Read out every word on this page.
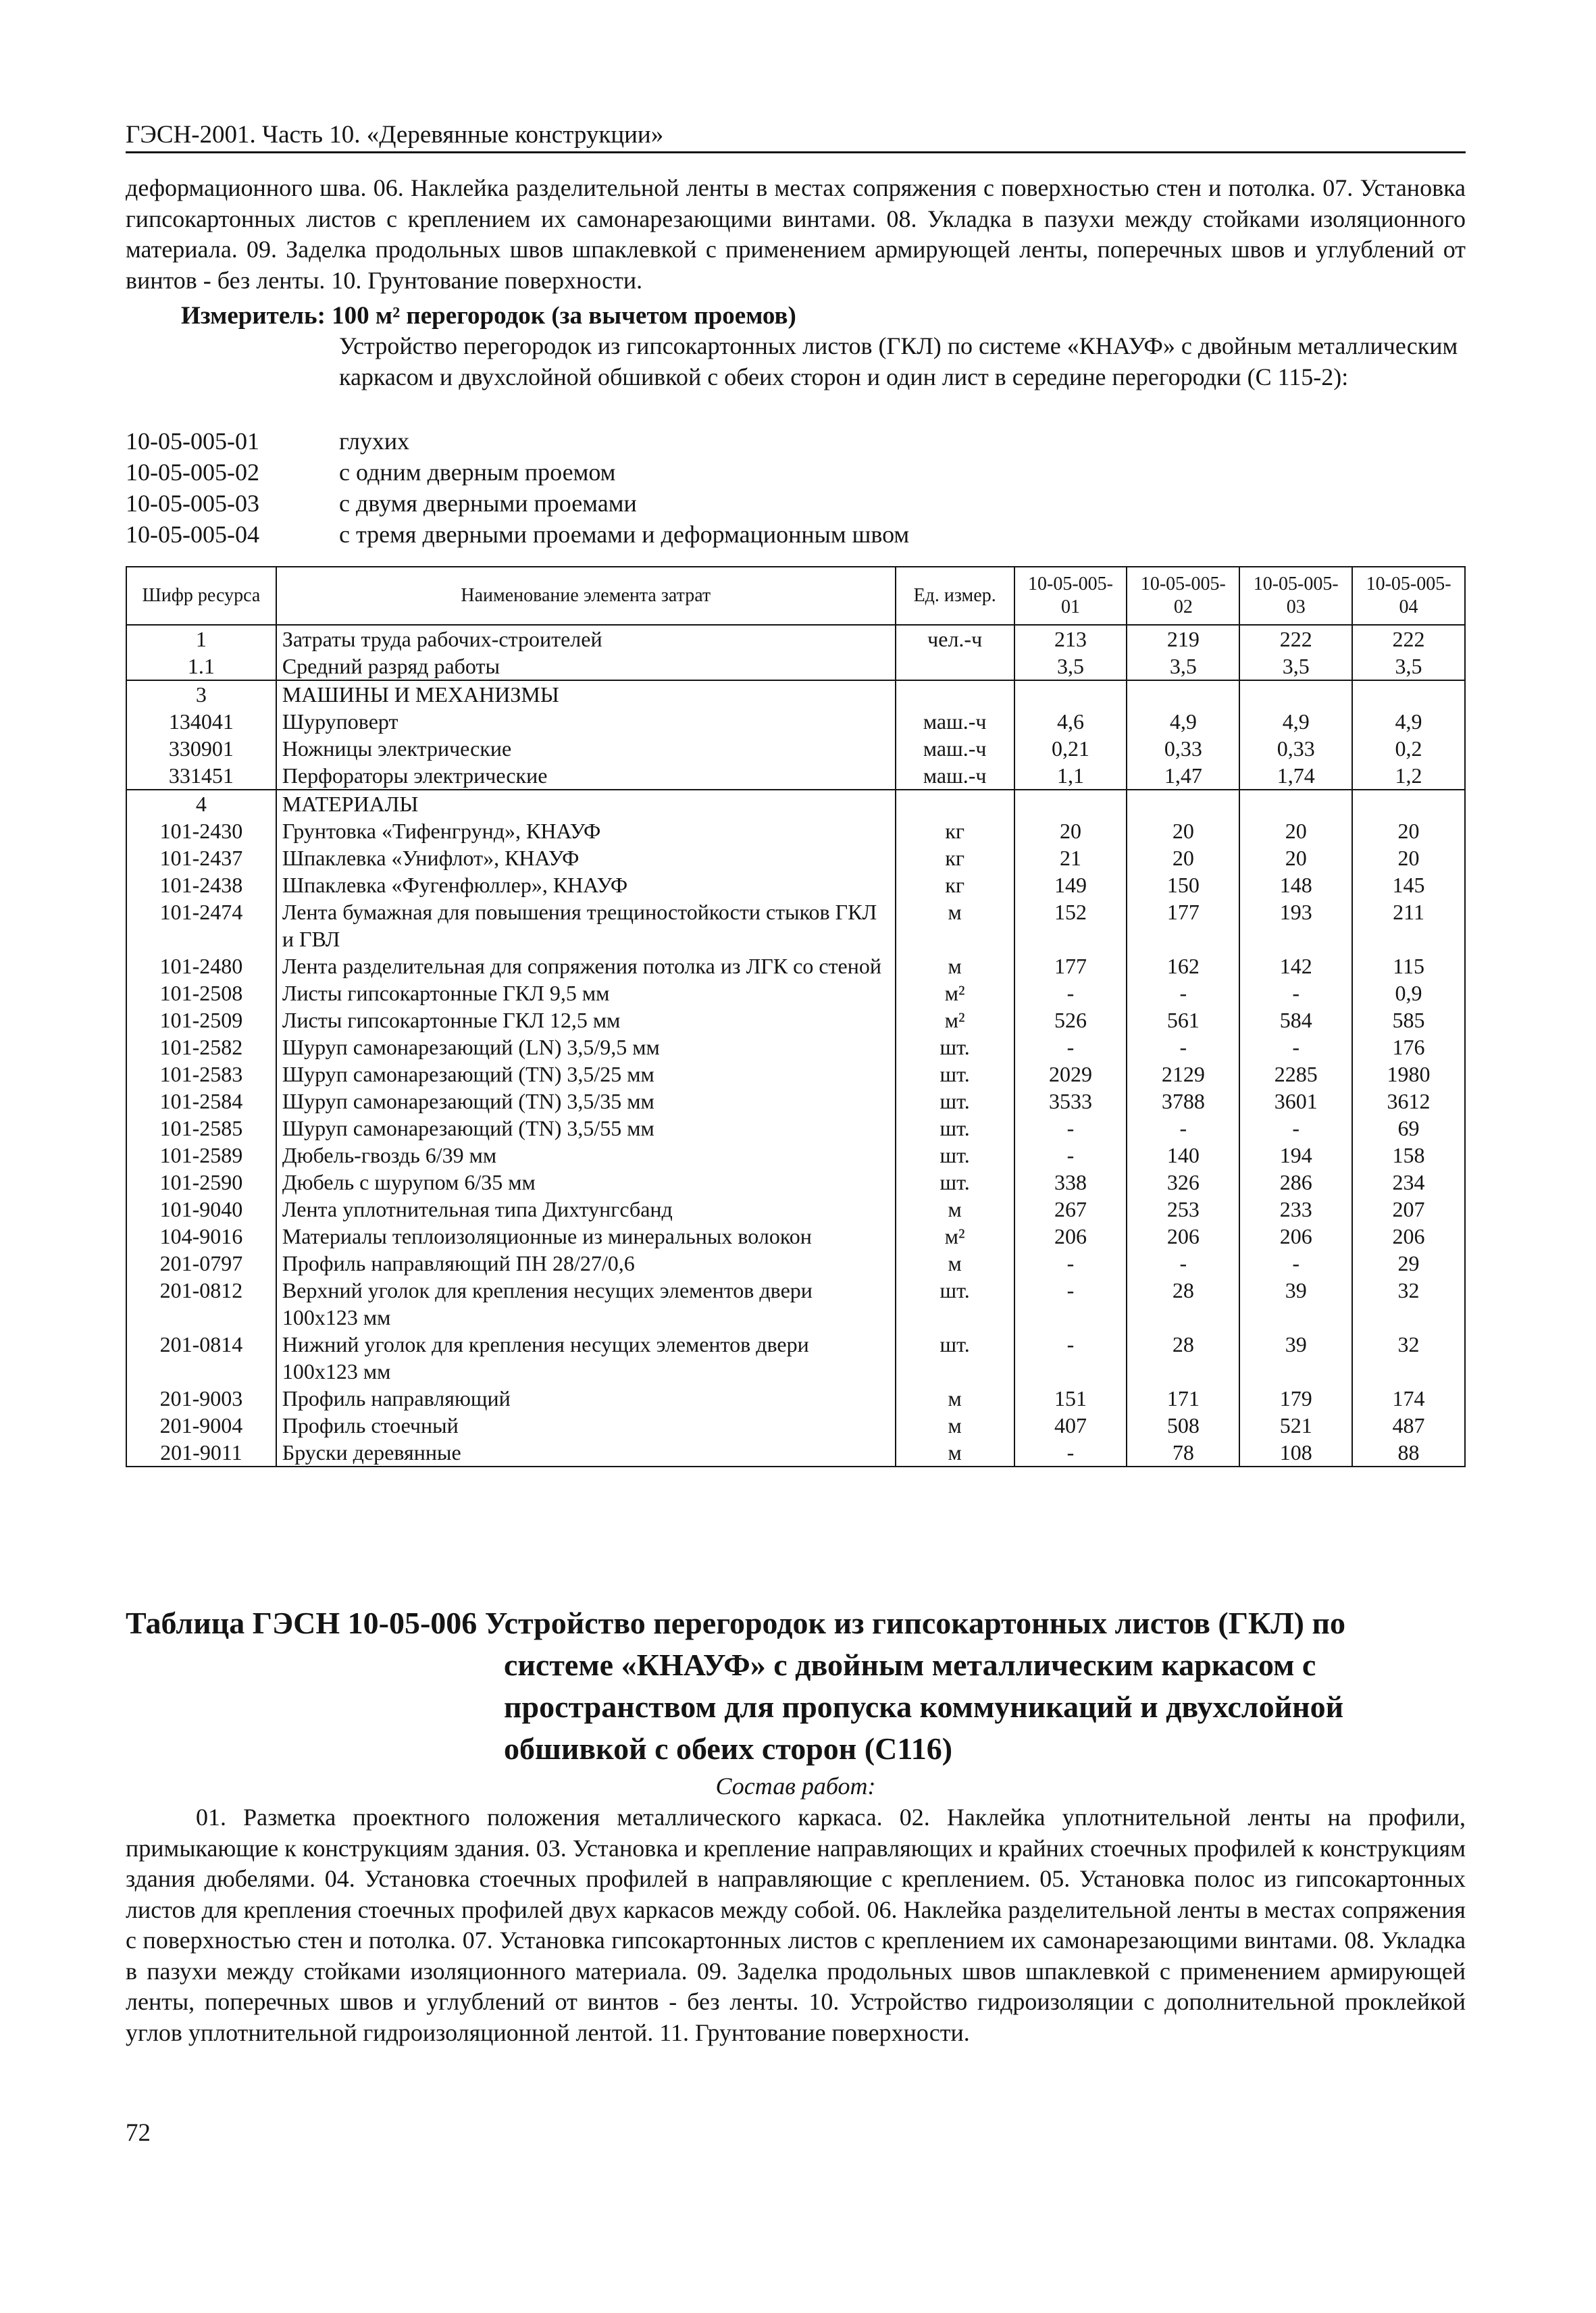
ГЭСН-2001. Часть 10. «Деревянные конструкции»
деформационного шва. 06. Наклейка разделительной ленты в местах сопряжения с поверхностью стен и потолка. 07. Установка гипсокартонных листов с креплением их самонарезающими винтами. 08. Укладка в пазухи между стойками изоляционного материала. 09. Заделка продольных швов шпаклевкой с применением армирующей ленты, поперечных швов и углублений от винтов - без ленты. 10. Грунтование поверхности.
Измеритель: 100 м² перегородок (за вычетом проемов)
Устройство перегородок из гипсокартонных листов (ГКЛ) по системе «КНАУФ» с двойным металлическим каркасом и двухслойной обшивкой с обеих сторон и один лист в середине перегородки (С 115-2):
10-05-005-01	глухих
10-05-005-02	с одним дверным проемом
10-05-005-03	с двумя дверными проемами
10-05-005-04	с тремя дверными проемами и деформационным швом
Шифр ресурса	Наименование элемента затрат	Ед. измер.	10-05-005-01	10-05-005-02	10-05-005-03	10-05-005-04
1	Затраты труда рабочих-строителей	чел.-ч	213	219	222	222
1.1	Средний разряд работы		3,5	3,5	3,5	3,5
3	МАШИНЫ И МЕХАНИЗМЫ					
134041	Шуруповерт	маш.-ч	4,6	4,9	4,9	4,9
330901	Ножницы электрические	маш.-ч	0,21	0,33	0,33	0,2
331451	Перфораторы электрические	маш.-ч	1,1	1,47	1,74	1,2
4	МАТЕРИАЛЫ					
101-2430	Грунтовка «Тифенгрунд», КНАУФ	кг	20	20	20	20
101-2437	Шпаклевка «Унифлот», КНАУФ	кг	21	20	20	20
101-2438	Шпаклевка «Фугенфюллер», КНАУФ	кг	149	150	148	145
101-2474	Лента бумажная для повышения трещиностойкости стыков ГКЛ и ГВЛ	м	152	177	193	211
101-2480	Лента разделительная для сопряжения потолка из ЛГК со стеной	м	177	162	142	115
101-2508	Листы гипсокартонные ГКЛ 9,5 мм	м²	-	-	-	0,9
101-2509	Листы гипсокартонные ГКЛ 12,5 мм	м²	526	561	584	585
101-2582	Шуруп самонарезающий (LN) 3,5/9,5 мм	шт.	-	-	-	176
101-2583	Шуруп самонарезающий (TN) 3,5/25 мм	шт.	2029	2129	2285	1980
101-2584	Шуруп самонарезающий (TN) 3,5/35 мм	шт.	3533	3788	3601	3612
101-2585	Шуруп самонарезающий (TN) 3,5/55 мм	шт.	-	-	-	69
101-2589	Дюбель-гвоздь 6/39 мм	шт.	-	140	194	158
101-2590	Дюбель с шурупом 6/35 мм	шт.	338	326	286	234
101-9040	Лента уплотнительная типа Дихтунгсбанд	м	267	253	233	207
104-9016	Материалы теплоизоляционные из минеральных волокон	м²	206	206	206	206
201-0797	Профиль направляющий ПН 28/27/0,6	м	-	-	-	29
201-0812	Верхний уголок для крепления несущих элементов двери 100х123 мм	шт.	-	28	39	32
201-0814	Нижний уголок для крепления несущих элементов двери 100х123 мм	шт.	-	28	39	32
201-9003	Профиль направляющий	м	151	171	179	174
201-9004	Профиль стоечный	м	407	508	521	487
201-9011	Бруски деревянные	м	-	78	108	88
Таблица ГЭСН 10-05-006 Устройство перегородок из гипсокартонных листов (ГКЛ) по
системе «КНАУФ» с двойным металлическим каркасом с пространством для пропуска коммуникаций и двухслойной обшивкой с обеих сторон (С116)
Состав работ:
01. Разметка проектного положения металлического каркаса. 02. Наклейка уплотнительной ленты на профили, примыкающие к конструкциям здания. 03. Установка и крепление направляющих и крайних стоечных профилей к конструкциям здания дюбелями. 04. Установка стоечных профилей в направляющие с креплением. 05. Установка полос из гипсокартонных листов для крепления стоечных профилей двух каркасов между собой. 06. Наклейка разделительной ленты в местах сопряжения с поверхностью стен и потолка. 07. Установка гипсокартонных листов с креплением их самонарезающими винтами. 08. Укладка в пазухи между стойками изоляционного материала. 09. Заделка продольных швов шпаклевкой с применением армирующей ленты, поперечных швов и углублений от винтов - без ленты. 10. Устройство гидроизоляции с дополнительной проклейкой углов уплотнительной гидроизоляционной лентой. 11. Грунтование поверхности.
72
